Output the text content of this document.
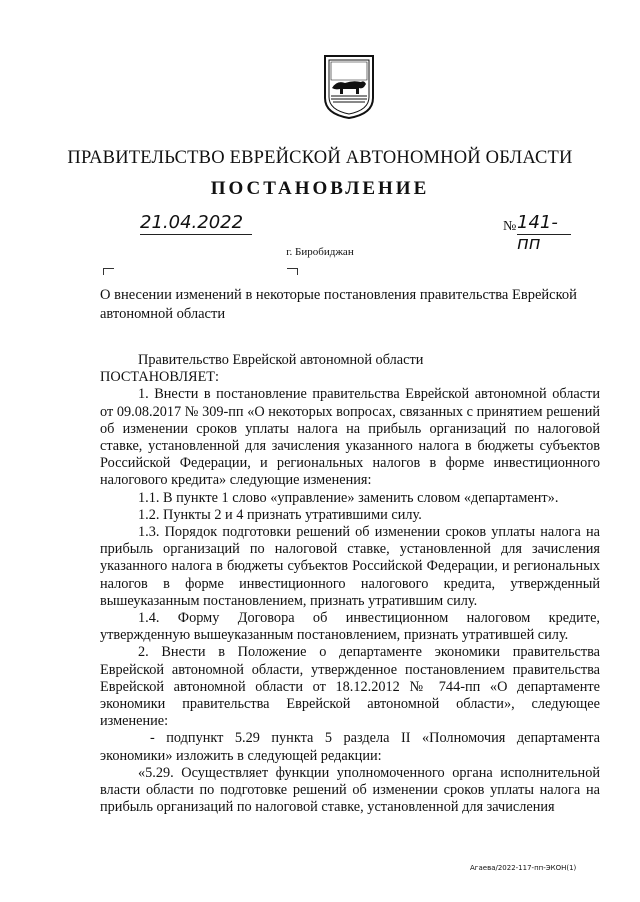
ПРАВИТЕЛЬСТВО ЕВРЕЙСКОЙ АВТОНОМНОЙ ОБЛАСТИ
ПОСТАНОВЛЕНИЕ
21.04.2022	№ 141-пп
г. Биробиджан
О внесении изменений в некоторые постановления правительства Еврейской автономной области

Правительство Еврейской автономной области

ПОСТАНОВЛЯЕТ:

1. Внести в постановление правительства Еврейской автономной области от 09.08.2017 № 309-пп «О некоторых вопросах, связанных с принятием решений об изменении сроков уплаты налога на прибыль организаций по налоговой ставке, установленной для зачисления указанного налога в бюджеты субъектов Российской Федерации, и региональных налогов в форме инвестиционного налогового кредита» следующие изменения:

1.1. В пункте 1 слово «управление» заменить словом «департамент».

1.2. Пункты 2 и 4 признать утратившими силу.

1.3. Порядок подготовки решений об изменении сроков уплаты налога на прибыль организаций по налоговой ставке, установленной для зачисления указанного налога в бюджеты субъектов Российской Федерации, и региональных налогов в форме инвестиционного налогового кредита, утвержденный вышеуказанным постановлением, признать утратившим силу.

1.4. Форму Договора об инвестиционном налоговом кредите, утвержденную вышеуказанным постановлением, признать утратившей силу.

2. Внести в Положение о департаменте экономики правительства Еврейской автономной области, утвержденное постановлением правительства Еврейской автономной области от 18.12.2012 № 744-пп «О департаменте экономики правительства Еврейской автономной области», следующее изменение:

- подпункт 5.29 пункта 5 раздела II «Полномочия департамента экономики» изложить в следующей редакции:

«5.29. Осуществляет функции уполномоченного органа исполнительной власти области по подготовке решений об изменении сроков уплаты налога на прибыль организаций по налоговой ставке, установленной для зачисления

Агаева/2022-117-пп-ЭКОН(1)
